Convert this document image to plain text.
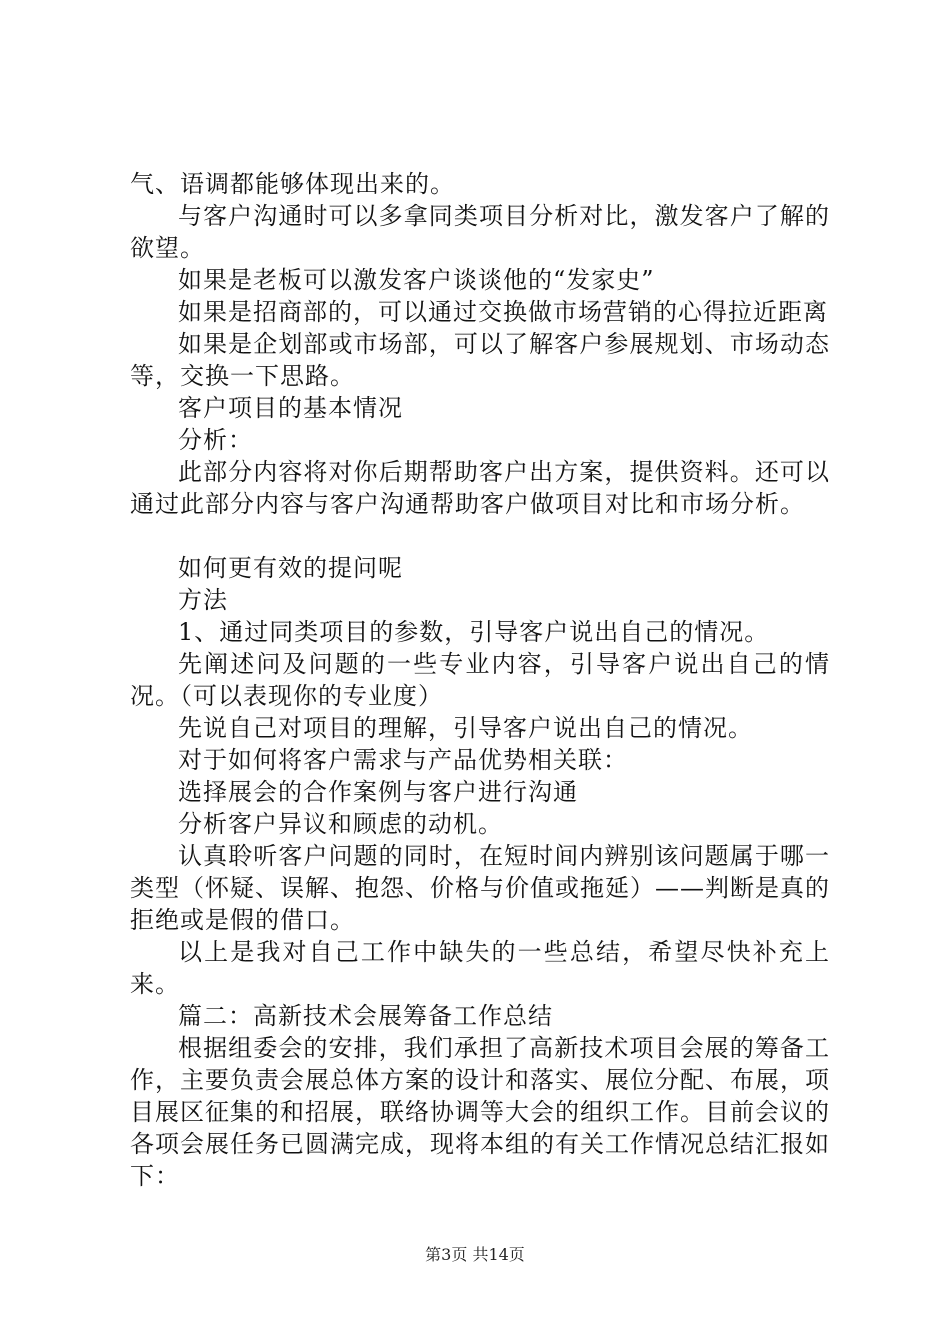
气、语调都能够体现出来的。

与客户沟通时可以多拿同类项目分析对比，激发客户了解的欲望。

如果是老板可以激发客户谈谈他的“发家史”

如果是招商部的，可以通过交换做市场营销的心得拉近距离

如果是企划部或市场部，可以了解客户参展规划、市场动态等，交换一下思路。

客户项目的基本情况

分析：

此部分内容将对你后期帮助客户出方案，提供资料。还可以通过此部分内容与客户沟通帮助客户做项目对比和市场分析。

如何更有效的提问呢

方法

1、通过同类项目的参数，引导客户说出自己的情况。

先阐述问及问题的一些专业内容，引导客户说出自己的情况。（可以表现你的专业度）

先说自己对项目的理解，引导客户说出自己的情况。

对于如何将客户需求与产品优势相关联：

选择展会的合作案例与客户进行沟通

分析客户异议和顾虑的动机。

认真聆听客户问题的同时，在短时间内辨别该问题属于哪一类型（怀疑、误解、抱怨、价格与价值或拖延）——判断是真的拒绝或是假的借口。

以上是我对自己工作中缺失的一些总结，希望尽快补充上来。

篇二：高新技术会展筹备工作总结

根据组委会的安排，我们承担了高新技术项目会展的筹备工作，主要负责会展总体方案的设计和落实、展位分配、布展，项目展区征集的和招展，联络协调等大会的组织工作。目前会议的各项会展任务已圆满完成，现将本组的有关工作情况总结汇报如下：

第3页 共14页
